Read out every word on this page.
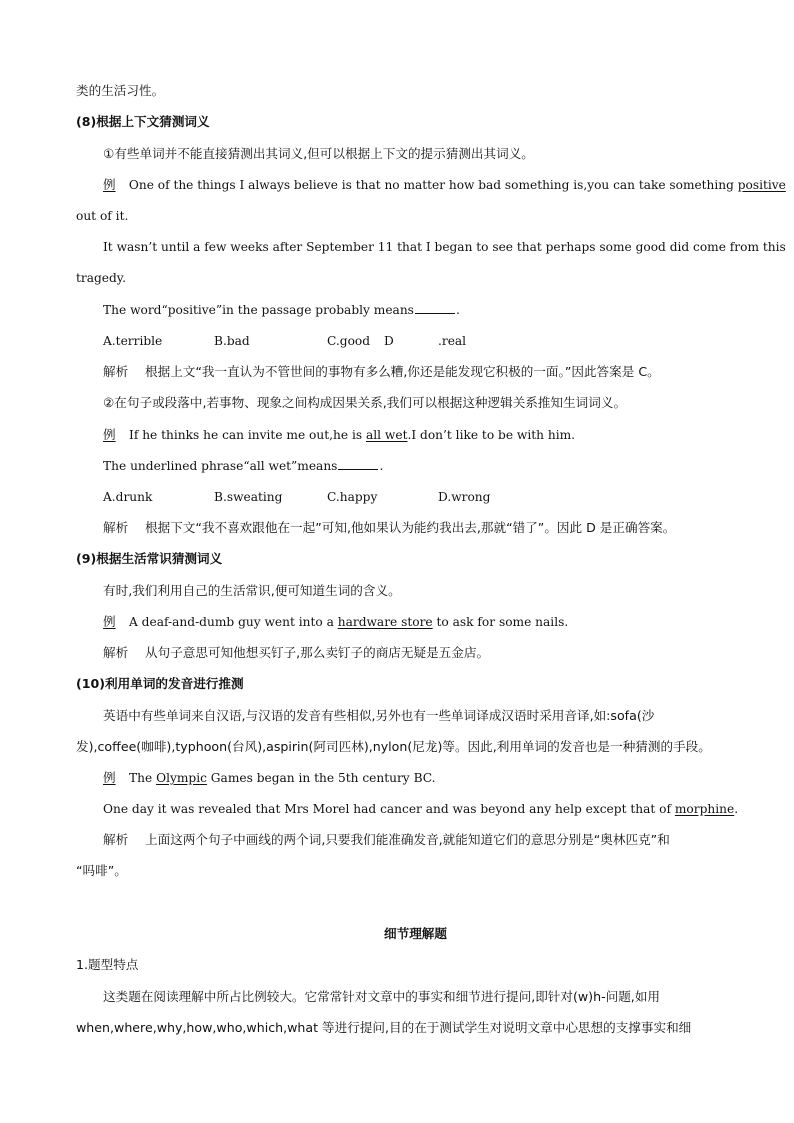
类的生活习性。
(8)根据上下文猜测词义
①有些单词并不能直接猜测出其词义,但可以根据上下文的提示猜测出其词义。
例 One of the things I always believe is that no matter how bad something is,you can take something positive
out of it.
It wasn’t until a few weeks after September 11 that I began to see that perhaps some good did come from this
tragedy.
The word“positive”in the passage probably means	.
A.terrible	B.bad	C.good D	.real
解析 根据上文“我一直认为不管世间的事物有多么糟,你还是能发现它积极的一面。”因此答案是 C。
②在句子或段落中,若事物、现象之间构成因果关系,我们可以根据这种逻辑关系推知生词词义。
例 If he thinks he can invite me out,he is all wet.I don’t like to be with him.
The underlined phrase“all wet”means	.
A.drunk	B.sweating	C.happy	D.wrong
解析 根据下文“我不喜欢跟他在一起”可知,他如果认为能约我出去,那就“错了”。因此 D 是正确答案。
(9)根据生活常识猜测词义
有时,我们利用自己的生活常识,便可知道生词的含义。
例 A deaf-and-dumb guy went into a hardware store to ask for some nails.
解析 从句子意思可知他想买钉子,那么卖钉子的商店无疑是五金店。
(10)利用单词的发音进行推测
英语中有些单词来自汉语,与汉语的发音有些相似,另外也有一些单词译成汉语时采用音译,如:sofa(沙
发),coffee(咖啡),typhoon(台风),aspirin(阿司匹林),nylon(尼龙)等。因此,利用单词的发音也是一种猜测的手段。
例 The Olympic Games began in the 5th century BC.
One day it was revealed that Mrs Morel had cancer and was beyond any help except that of morphine.
解析 上面这两个句子中画线的两个词,只要我们能准确发音,就能知道它们的意思分别是“奥林匹克”和
“吗啡”。
细节理解题
1.题型特点
这类题在阅读理解中所占比例较大。它常常针对文章中的事实和细节进行提问,即针对(w)h-问题,如用
when,where,why,how,who,which,what 等进行提问,目的在于测试学生对说明文章中心思想的支撑事实和细
